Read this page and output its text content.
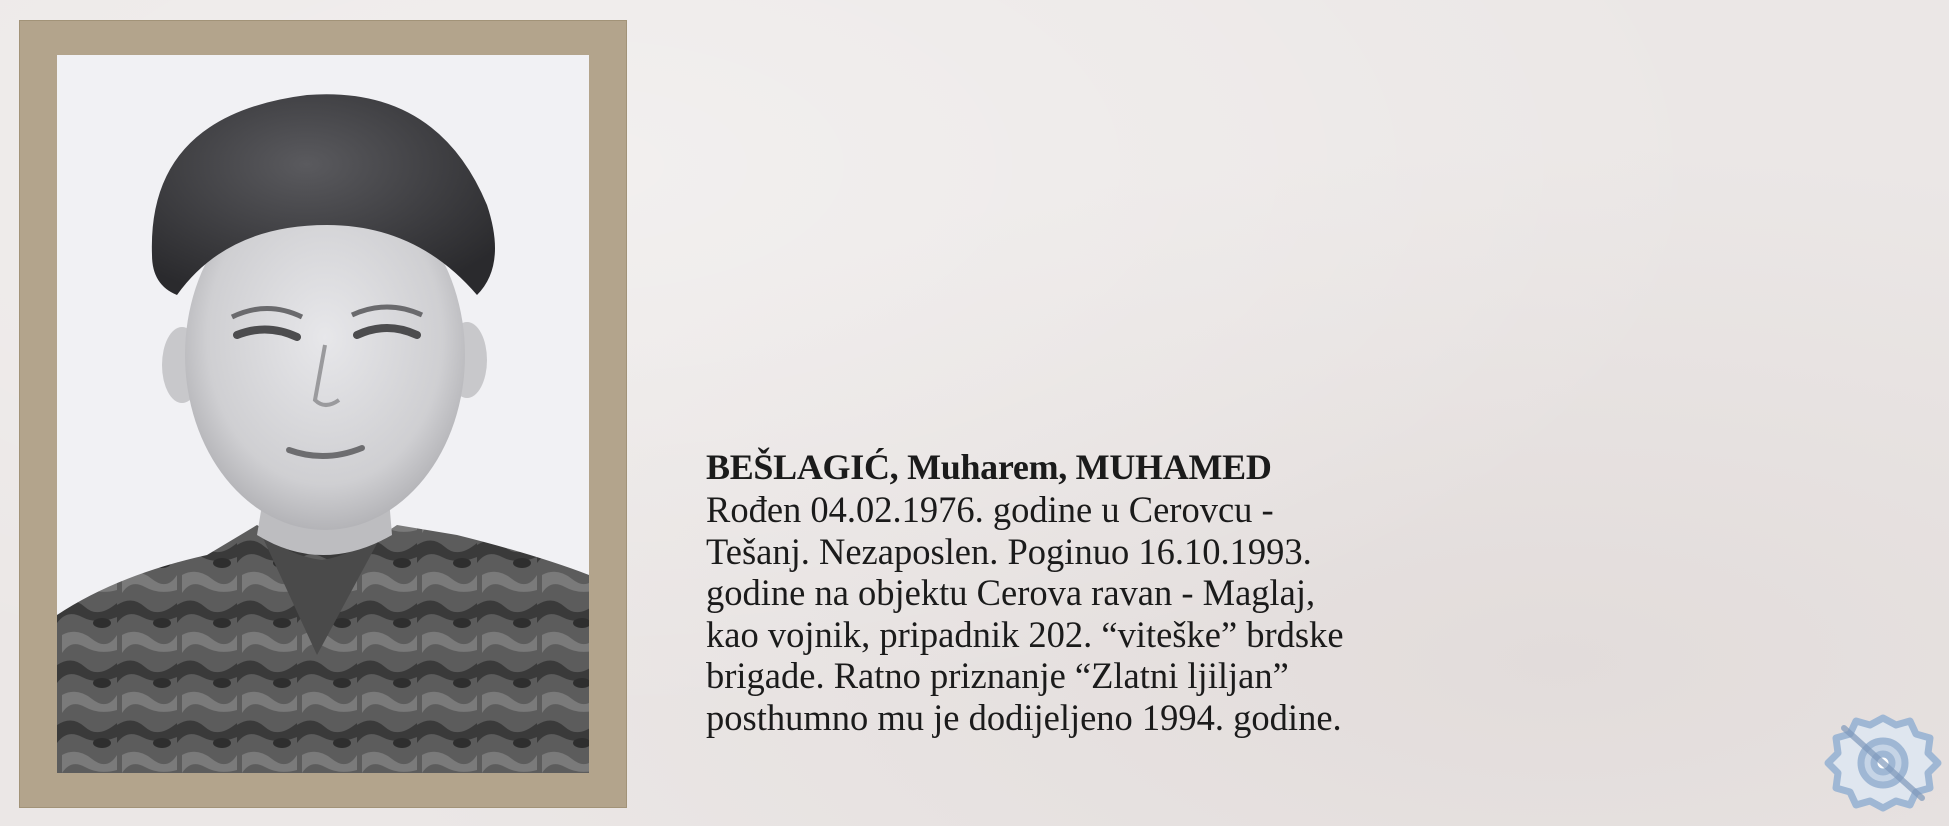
BEŠLAGIĆ, Muharem, MUHAMED
Rođen 04.02.1976. godine u Cerovcu -
Tešanj. Nezaposlen. Poginuo 16.10.1993.
godine na objektu Cerova ravan - Maglaj,
kao vojnik, pripadnik 202. “viteške” brdske
brigade. Ratno priznanje “Zlatni ljiljan”
posthumno mu je dodijeljeno 1994. godine.
